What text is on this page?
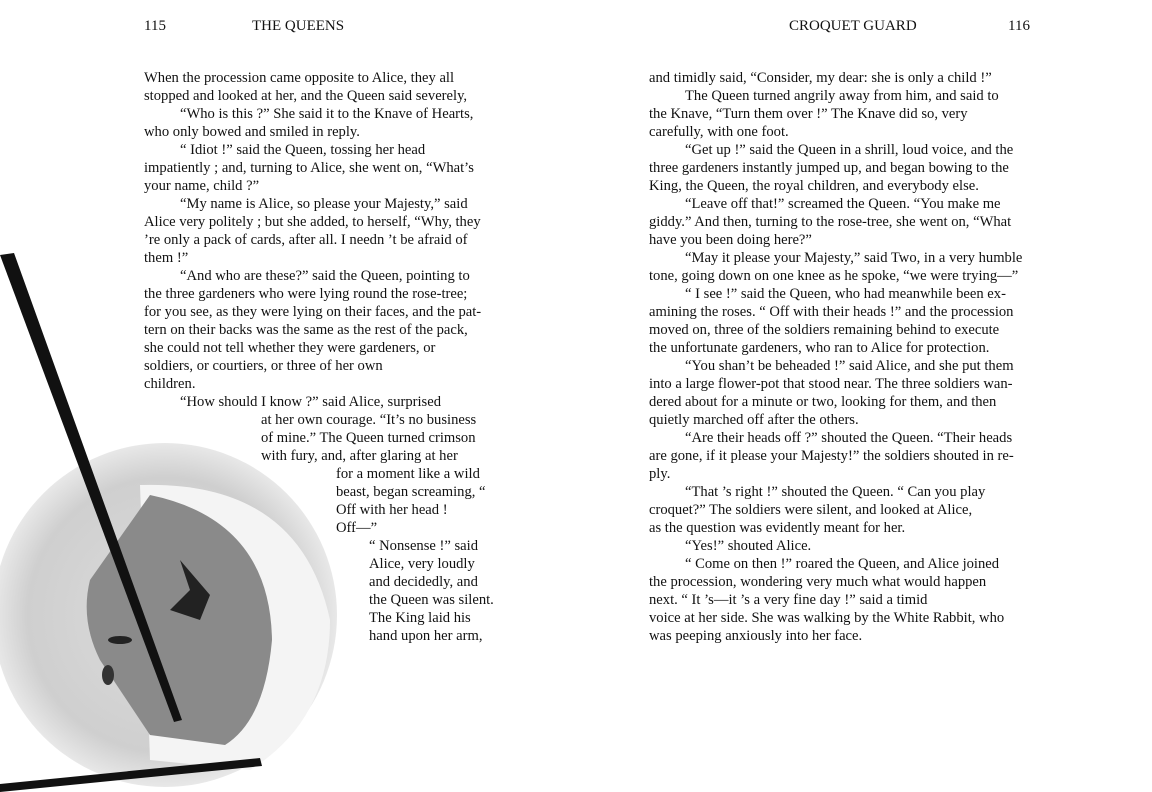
115	THE QUEENS
When the procession came opposite to Alice, they all
stopped and looked at her, and the Queen said severely,
“Who is this ?” She said it to the Knave of Hearts,
who only bowed and smiled in reply.
“ Idiot !” said the Queen, tossing her head
impatiently ; and, turning to Alice, she went on, “What’s
your name, child ?”
“My name is Alice, so please your Majesty,” said
Alice very politely ; but she added, to herself, “Why, they
’re only a pack of cards, after all. I needn ’t be afraid of
them !”
“And who are these?” said the Queen, pointing to
the three gardeners who were lying round the rose-tree;
for you see, as they were lying on their faces, and the pat-
tern on their backs was the same as the rest of the pack,
she could not tell whether they were gardeners, or
soldiers, or courtiers, or three of her own
children.
“How should I know ?” said Alice, surprised
at her own courage. “It’s no business
of mine.” The Queen turned crimson
with fury, and, after glaring at her
for a moment like a wild
beast, began screaming, “
Off with her head !
Off—”
“ Nonsense !” said
Alice, very loudly
and decidedly, and
the Queen was silent.
The King laid his
hand upon her arm,
CROQUET GUARD	116
and timidly said, “Consider, my dear: she is only a child !”
The Queen turned angrily away from him, and said to
the Knave, “Turn them over !” The Knave did so, very
carefully, with one foot.
“Get up !” said the Queen in a shrill, loud voice, and the
three gardeners instantly jumped up, and began bowing to the
King, the Queen, the royal children, and everybody else.
“Leave off that!” screamed the Queen. “You make me
giddy.” And then, turning to the rose-tree, she went on, “What
have you been doing here?”
“May it please your Majesty,” said Two, in a very humble
tone, going down on one knee as he spoke, “we were trying—”
“ I see !” said the Queen, who had meanwhile been ex-
amining the roses. “ Off with their heads !” and the procession
moved on, three of the soldiers remaining behind to execute
the unfortunate gardeners, who ran to Alice for protection.
“You shan’t be beheaded !” said Alice, and she put them
into a large flower-pot that stood near. The three soldiers wan-
dered about for a minute or two, looking for them, and then
quietly marched off after the others.
“Are their heads off ?” shouted the Queen. “Their heads
are gone, if it please your Majesty!” the soldiers shouted in re-
ply.
“That ’s right !” shouted the Queen. “ Can you play
croquet?” The soldiers were silent, and looked at Alice,
as the question was evidently meant for her.
“Yes!” shouted Alice.
“ Come on then !” roared the Queen, and Alice joined
the procession, wondering very much what would happen
next. “ It ’s—it ’s a very fine day !” said a timid
voice at her side. She was walking by the White Rabbit, who
was peeping anxiously into her face.
